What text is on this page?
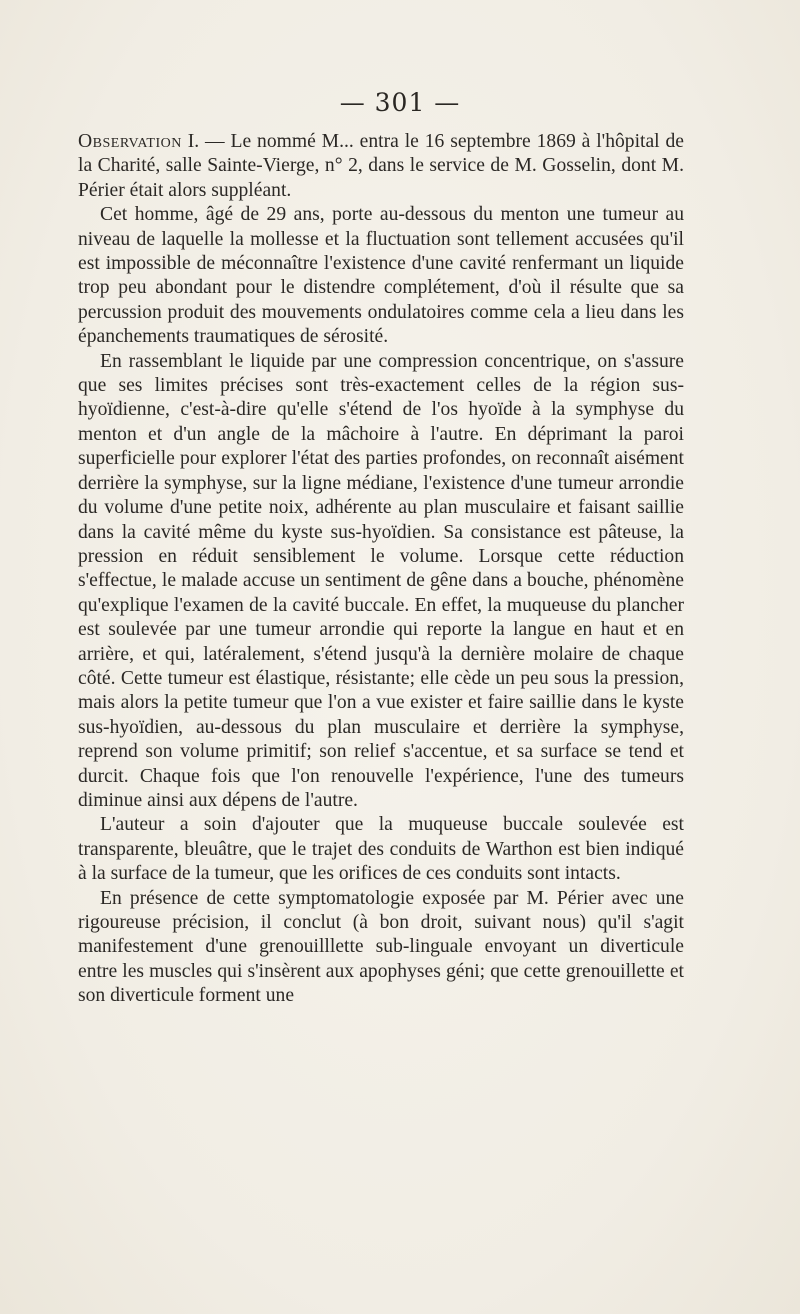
— 301 —

Observation I. — Le nommé M... entra le 16 septembre 1869 à l'hôpital de la Charité, salle Sainte-Vierge, n° 2, dans le service de M. Gosselin, dont M. Périer était alors suppléant.

Cet homme, âgé de 29 ans, porte au-dessous du menton une tumeur au niveau de laquelle la mollesse et la fluctuation sont tellement accusées qu'il est impossible de méconnaître l'existence d'une cavité renfermant un liquide trop peu abondant pour le distendre complétement, d'où il résulte que sa percussion produit des mouvements ondulatoires comme cela a lieu dans les épanchements traumatiques de sérosité.

En rassemblant le liquide par une compression concentrique, on s'assure que ses limites précises sont très-exactement celles de la région sus-hyoïdienne, c'est-à-dire qu'elle s'étend de l'os hyoïde à la symphyse du menton et d'un angle de la mâchoire à l'autre. En déprimant la paroi superficielle pour explorer l'état des parties profondes, on reconnaît aisément derrière la symphyse, sur la ligne médiane, l'existence d'une tumeur arrondie du volume d'une petite noix, adhérente au plan musculaire et faisant saillie dans la cavité même du kyste sus-hyoïdien. Sa consistance est pâteuse, la pression en réduit sensiblement le volume. Lorsque cette réduction s'effectue, le malade accuse un sentiment de gêne dans a bouche, phénomène qu'explique l'examen de la cavité buccale. En effet, la muqueuse du plancher est soulevée par une tumeur arrondie qui reporte la langue en haut et en arrière, et qui, latéralement, s'étend jusqu'à la dernière molaire de chaque côté. Cette tumeur est élastique, résistante; elle cède un peu sous la pression, mais alors la petite tumeur que l'on a vue exister et faire saillie dans le kyste sus-hyoïdien, au-dessous du plan musculaire et derrière la symphyse, reprend son volume primitif; son relief s'accentue, et sa surface se tend et durcit. Chaque fois que l'on renouvelle l'expérience, l'une des tumeurs diminue ainsi aux dépens de l'autre.

L'auteur a soin d'ajouter que la muqueuse buccale soulevée est transparente, bleuâtre, que le trajet des conduits de Warthon est bien indiqué à la surface de la tumeur, que les orifices de ces conduits sont intacts.

En présence de cette symptomatologie exposée par M. Périer avec une rigoureuse précision, il conclut (à bon droit, suivant nous) qu'il s'agit manifestement d'une grenouilllette sub-linguale envoyant un diverticule entre les muscles qui s'insèrent aux apophyses géni; que cette grenouillette et son diverticule forment une
